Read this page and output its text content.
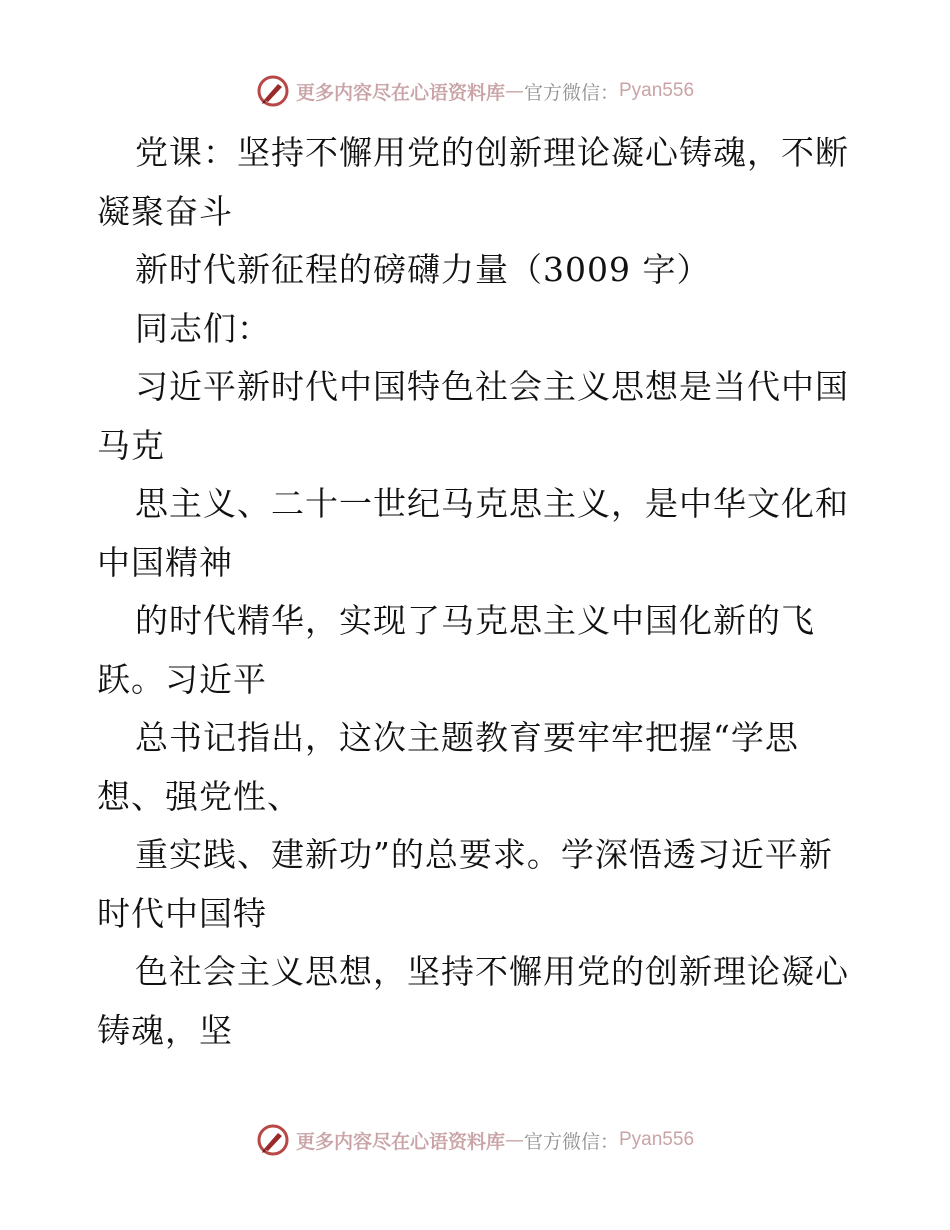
更多内容尽在心语资料库 — 官方微信： Pyan556
党课：坚持不懈用党的创新理论凝心铸魂，不断
凝聚奋斗
新时代新征程的磅礴力量（3009 字）
同志们：
习近平新时代中国特色社会主义思想是当代中国
马克
思主义、二十一世纪马克思主义，是中华文化和
中国精神
的时代精华，实现了马克思主义中国化新的飞
跃。习近平
总书记指出，这次主题教育要牢牢把握“学思
想、强党性、
重实践、建新功”的总要求。学深悟透习近平新
时代中国特
色社会主义思想，坚持不懈用党的创新理论凝心
铸魂，坚
更多内容尽在心语资料库 — 官方微信： Pyan556
